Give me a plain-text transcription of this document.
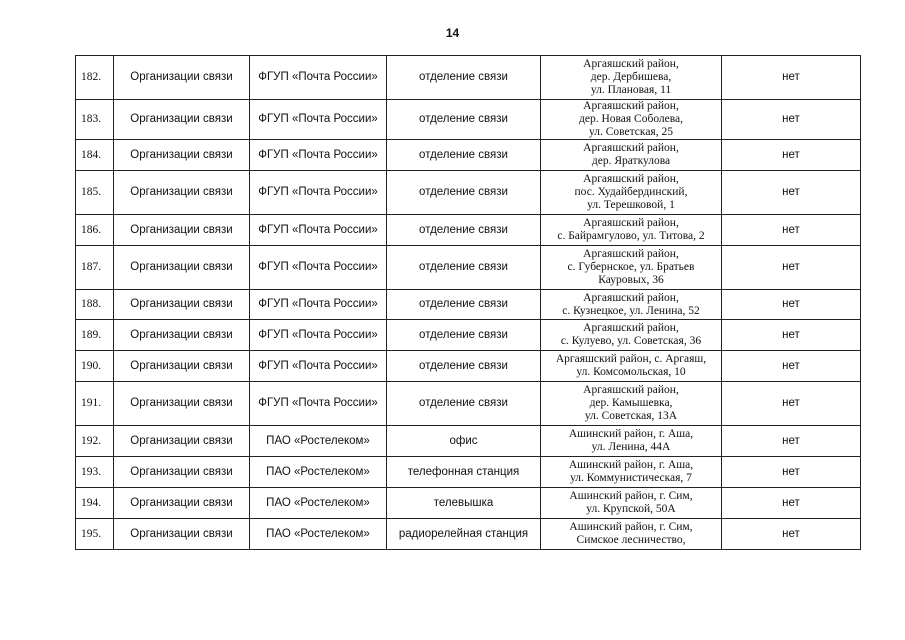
14
182.	Организации связи	ФГУП «Почта России»	отделение связи	Аргаяшский район,
дер. Дербишева,
ул. Плановая, 11	нет
183.	Организации связи	ФГУП «Почта России»	отделение связи	Аргаяшский район,
дер. Новая Соболева,
ул. Советская, 25	нет
184.	Организации связи	ФГУП «Почта России»	отделение связи	Аргаяшский район,
дер. Яраткулова	нет
185.	Организации связи	ФГУП «Почта России»	отделение связи	Аргаяшский район,
пос. Худайбердинский,
ул. Терешковой, 1	нет
186.	Организации связи	ФГУП «Почта России»	отделение связи	Аргаяшский район,
с. Байрамгулово, ул. Титова, 2	нет
187.	Организации связи	ФГУП «Почта России»	отделение связи	Аргаяшский район,
с. Губернское, ул. Братьев
Кауровых, 36	нет
188.	Организации связи	ФГУП «Почта России»	отделение связи	Аргаяшский район,
с. Кузнецкое, ул. Ленина, 52	нет
189.	Организации связи	ФГУП «Почта России»	отделение связи	Аргаяшский район,
с. Кулуево, ул. Советская, 36	нет
190.	Организации связи	ФГУП «Почта России»	отделение связи	Аргаяшский район, с. Аргаяш,
ул. Комсомольская, 10	нет
191.	Организации связи	ФГУП «Почта России»	отделение связи	Аргаяшский район,
дер. Камышевка,
ул. Советская, 13А	нет
192.	Организации связи	ПАО «Ростелеком»	офис	Ашинский район, г. Аша,
ул. Ленина, 44А	нет
193.	Организации связи	ПАО «Ростелеком»	телефонная станция	Ашинский район, г. Аша,
ул. Коммунистическая, 7	нет
194.	Организации связи	ПАО «Ростелеком»	телевышка	Ашинский район, г. Сим,
ул. Крупской, 50А	нет
195.	Организации связи	ПАО «Ростелеком»	радиорелейная станция	Ашинский район, г. Сим,
Симское лесничество,	нет
